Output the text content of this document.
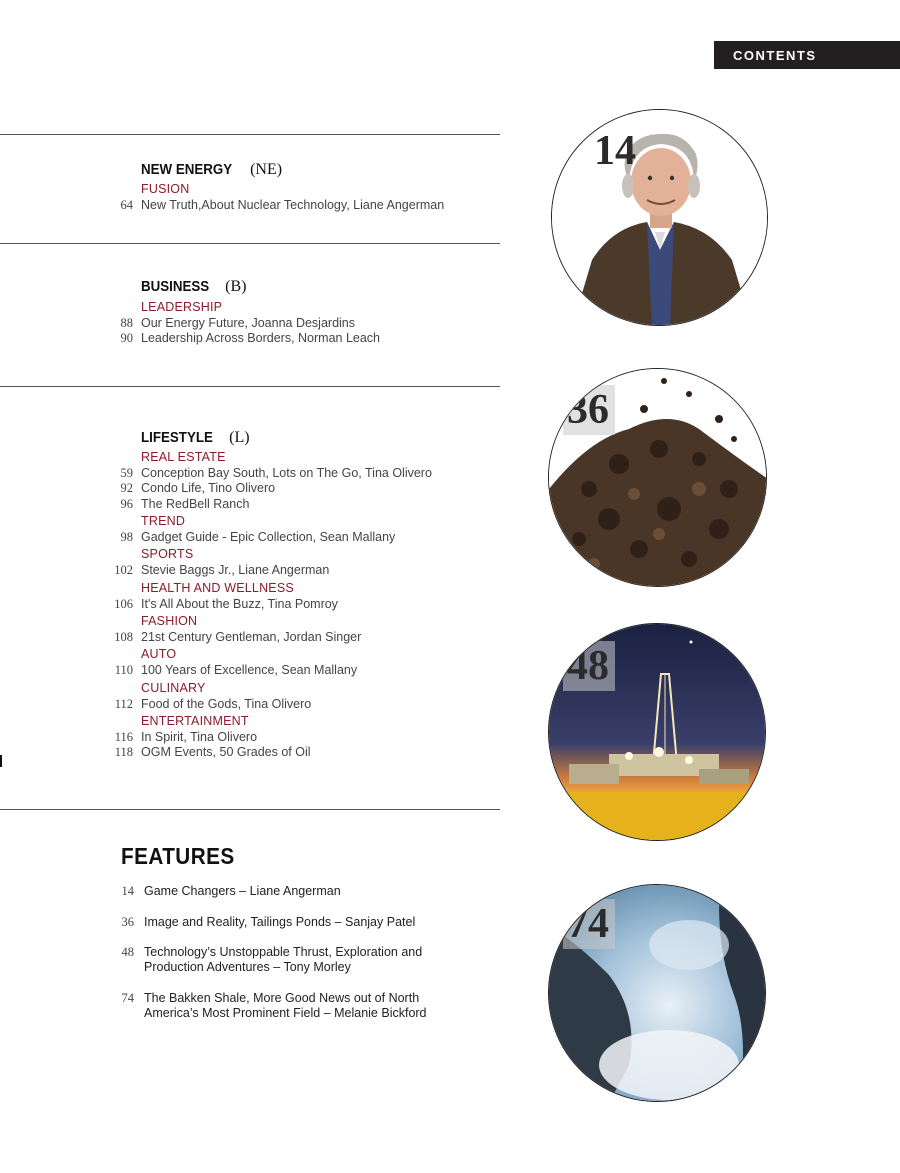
CONTENTS
NEW ENERGY (NE)
FUSION
64 New Truth,About Nuclear Technology, Liane Angerman
BUSINESS (B)
LEADERSHIP
88 Our Energy Future, Joanna Desjardins
90 Leadership Across Borders, Norman Leach
LIFESTYLE (L)
REAL ESTATE
59 Conception Bay South, Lots on The Go, Tina Olivero
92 Condo Life, Tino Olivero
96 The RedBell Ranch
TREND
98 Gadget Guide - Epic Collection, Sean Mallany
SPORTS
102 Stevie Baggs Jr., Liane Angerman
HEALTH AND WELLNESS
106 It's All About the Buzz, Tina Pomroy
FASHION
108 21st Century Gentleman, Jordan Singer
AUTO
110 100 Years of Excellence, Sean Mallany
CULINARY
112 Food of the Gods, Tina Olivero
ENTERTAINMENT
116 In Spirit, Tina Olivero
118 OGM Events, 50 Grades of Oil
FEATURES
14 Game Changers – Liane Angerman
36 Image and Reality, Tailings Ponds – Sanjay Patel
48 Technology’s Unstoppable Thrust, Exploration and
Production Adventures – Tony Morley
74 The Bakken Shale, More Good News out of North
America’s Most Prominent Field – Melanie Bickford
14
36
48
74
